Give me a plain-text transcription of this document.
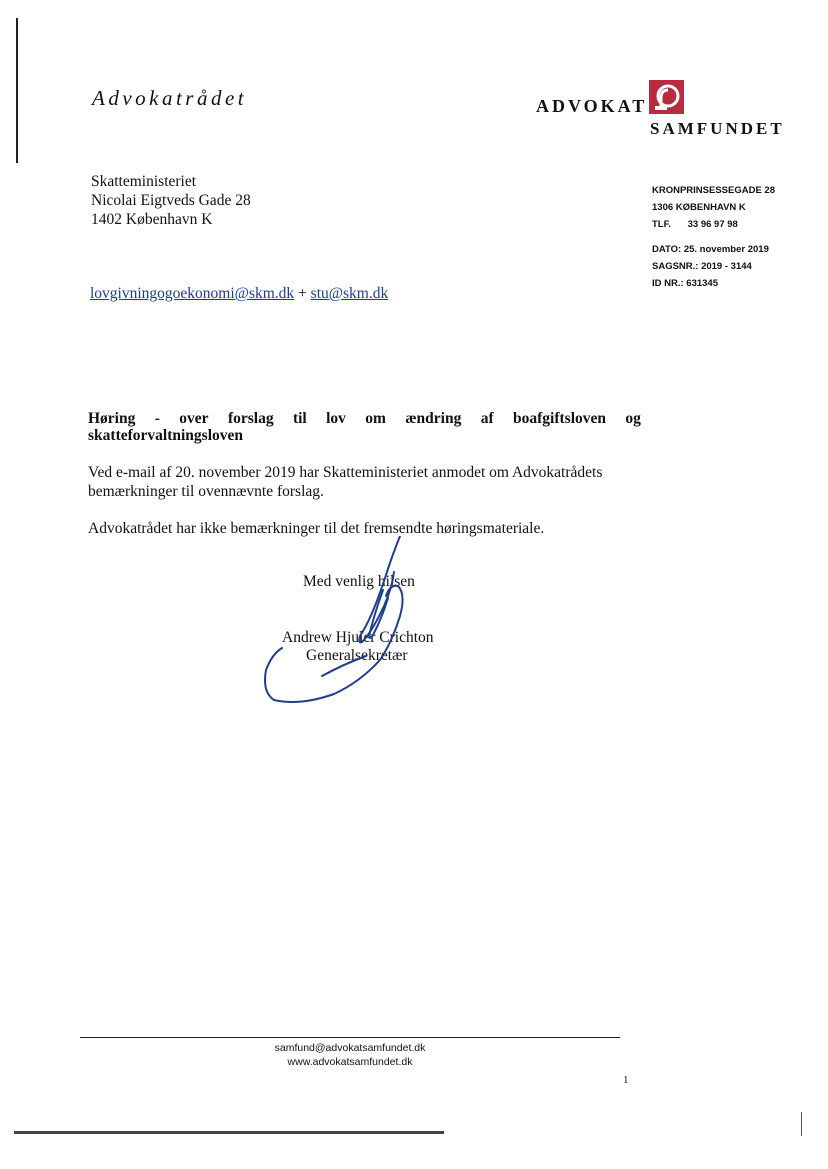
Advokatrådet	ADVOKAT
SAMFUNDET
Skatteministeriet
Nicolai Eigtveds Gade 28
1402 København K
KRONPRINSESSEGADE 28
1306 KØBENHAVN K
TLF. 33 96 97 98
DATO: 25. november 2019
SAGSNR.: 2019 - 3144
ID NR.: 631345
lovgivningogoekonomi@skm.dk + stu@skm.dk
Høring - over forslag til lov om ændring af boafgiftsloven og
skatteforvaltningsloven
Ved e-mail af 20. november 2019 har Skatteministeriet anmodet om Advokatrådets bemærkninger til ovennævnte forslag.
Advokatrådet har ikke bemærkninger til det fremsendte høringsmateriale.
Med venlig hilsen
Andrew Hjuler Crichton
Generalsekretær
samfund@advokatsamfundet.dk
www.advokatsamfundet.dk
1
